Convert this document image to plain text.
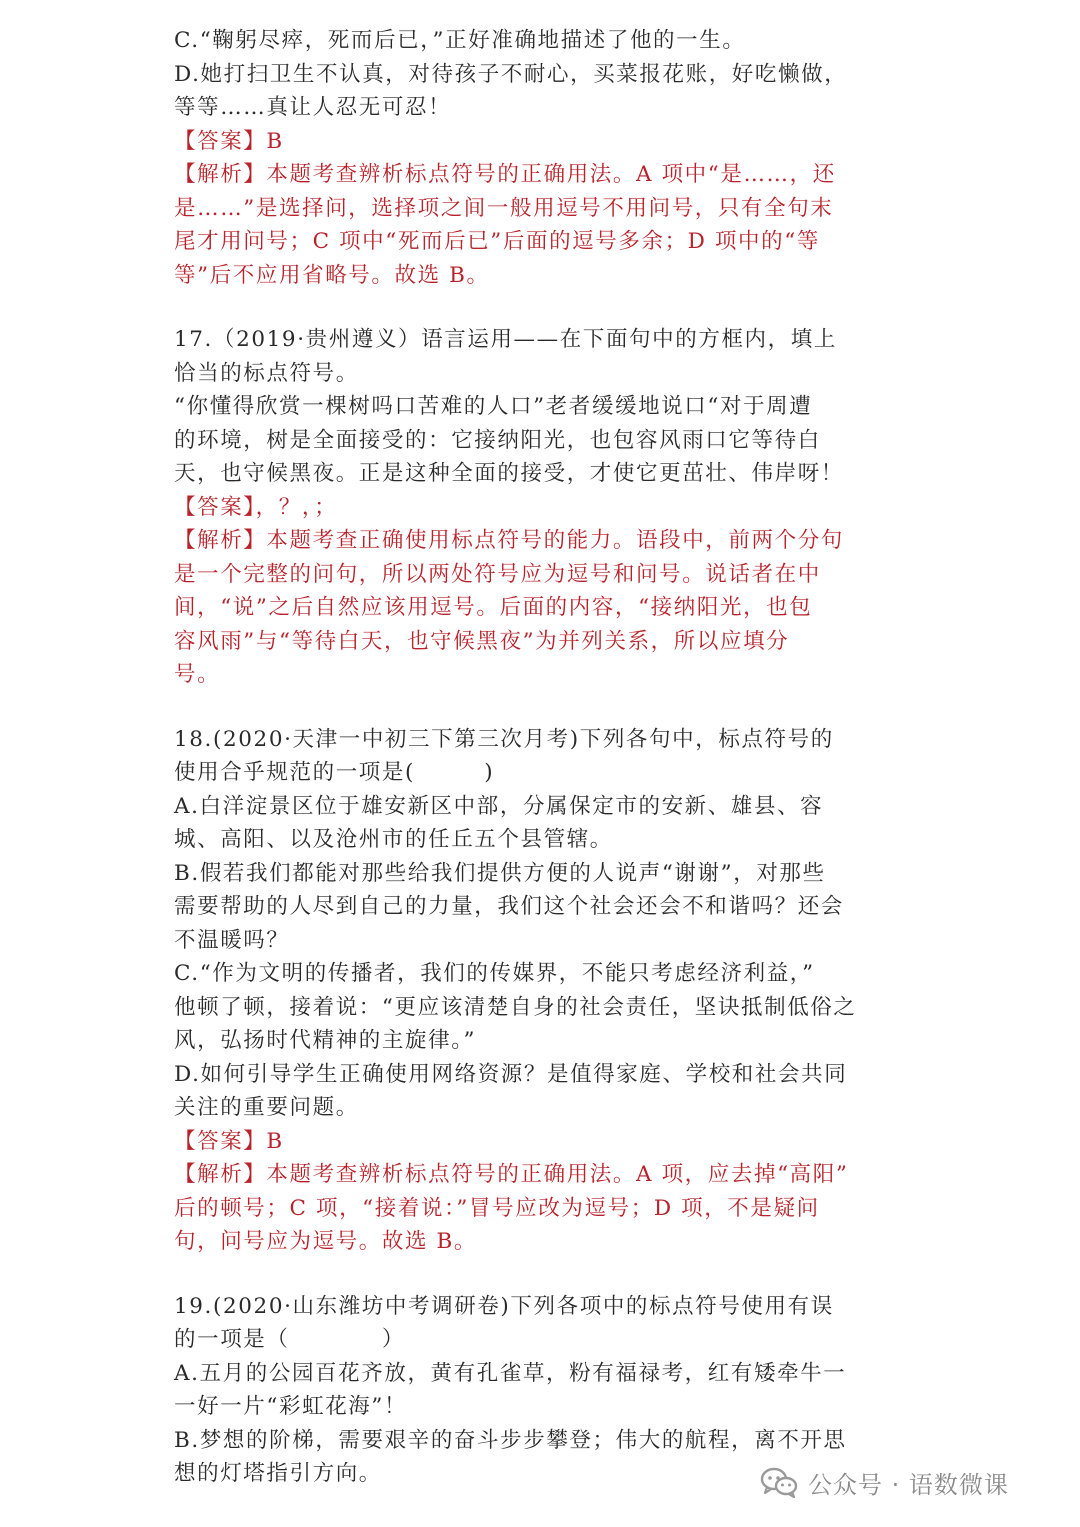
C.“鞠躬尽瘁，死而后已，”正好准确地描述了他的一生。
D.她打扫卫生不认真，对待孩子不耐心，买菜报花账，好吃懒做，
等等……真让人忍无可忍！
【答案】B
【解析】本题考查辨析标点符号的正确用法。A 项中“是……，还
是……”是选择问，选择项之间一般用逗号不用问号，只有全句末
尾才用问号；C 项中“死而后已”后面的逗号多余；D 项中的“等
等”后不应用省略号。故选 B。
17.（2019·贵州遵义）语言运用——在下面句中的方框内，填上
恰当的标点符号。
“你懂得欣赏一棵树吗口苦难的人口”老者缓缓地说口“对于周遭
的环境，树是全面接受的：它接纳阳光，也包容风雨口它等待白
天，也守候黑夜。正是这种全面的接受，才使它更茁壮、伟岸呀！
【答案】，？，；
【解析】本题考查正确使用标点符号的能力。语段中，前两个分句
是一个完整的问句，所以两处符号应为逗号和问号。说话者在中
间，“说”之后自然应该用逗号。后面的内容，“接纳阳光，也包
容风雨”与“等待白天，也守候黑夜”为并列关系，所以应填分
号。
18.(2020·天津一中初三下第三次月考)下列各句中，标点符号的
使用合乎规范的一项是(　　　)
A.白洋淀景区位于雄安新区中部，分属保定市的安新、雄县、容
城、高阳、以及沧州市的任丘五个县管辖。
B.假若我们都能对那些给我们提供方便的人说声“谢谢”，对那些
需要帮助的人尽到自己的力量，我们这个社会还会不和谐吗？还会
不温暖吗？
C.“作为文明的传播者，我们的传媒界，不能只考虑经济利益，”
他顿了顿，接着说：“更应该清楚自身的社会责任，坚诀抵制低俗之
风，弘扬时代精神的主旋律。”
D.如何引导学生正确使用网络资源？是值得家庭、学校和社会共同
关注的重要问题。
【答案】B
【解析】本题考查辨析标点符号的正确用法。A 项，应去掉“高阳”
后的顿号；C 项，“接着说：”冒号应改为逗号；D 项，不是疑问
句，问号应为逗号。故选 B。
19.(2020·山东潍坊中考调研卷)下列各项中的标点符号使用有误
的一项是（　　　　）
A.五月的公园百花齐放，黄有孔雀草，粉有福禄考，红有矮牵牛一
一好一片“彩虹花海”！
B.梦想的阶梯，需要艰辛的奋斗步步攀登；伟大的航程，离不开思
想的灯塔指引方向。	公众号 · 语数微课
